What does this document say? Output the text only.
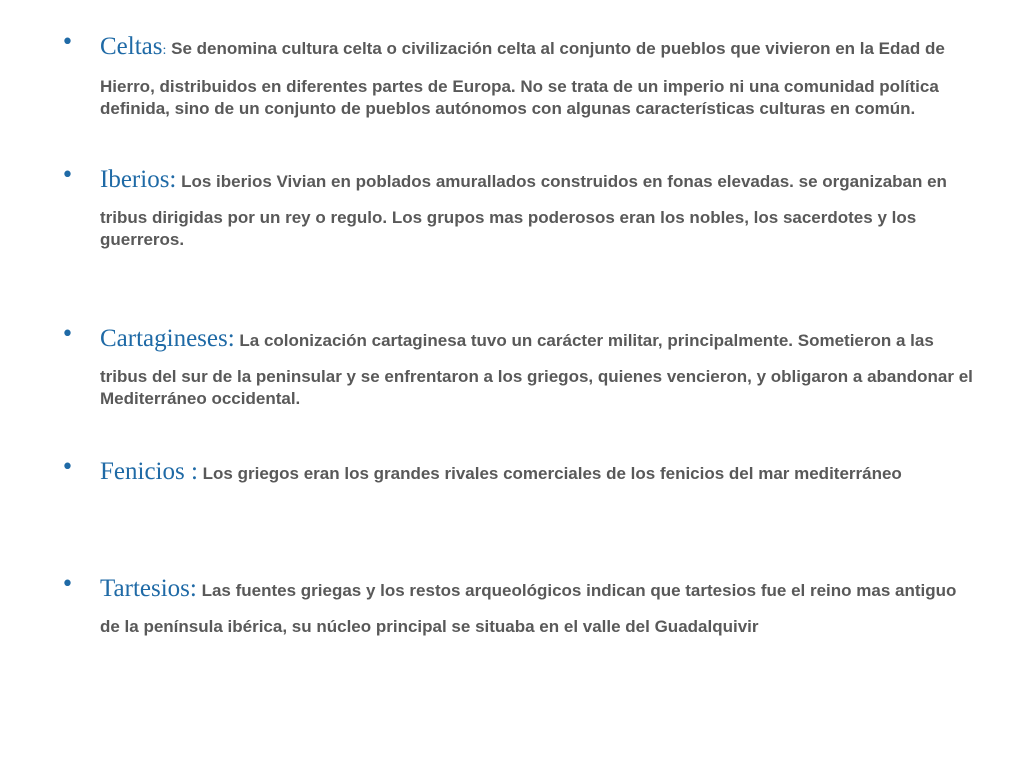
• Celtas: Se denomina cultura celta o civilización celta al conjunto de pueblos que vivieron en la Edad de

Hierro, distribuidos en diferentes partes de Europa. No se trata de un imperio ni una comunidad política definida, sino de un conjunto de pueblos autónomos con algunas características culturas en común.

• Iberios: Los iberios Vivian en poblados amurallados construidos en fonas elevadas. se organizaban en

tribus dirigidas por un rey o regulo. Los grupos mas poderosos eran los nobles, los sacerdotes y los guerreros.

• Cartagineses: La colonización cartaginesa tuvo un carácter militar, principalmente. Sometieron a las

tribus del sur de la peninsular y se enfrentaron a los griegos, quienes vencieron, y obligaron a abandonar el Mediterráneo occidental.

• Fenicios : Los griegos eran los grandes rivales comerciales de los fenicios del mar mediterráneo

• Tartesios: Las fuentes griegas y los restos arqueológicos indican que tartesios fue el reino mas antiguo

de la península ibérica, su núcleo principal se situaba en el valle del Guadalquivir
